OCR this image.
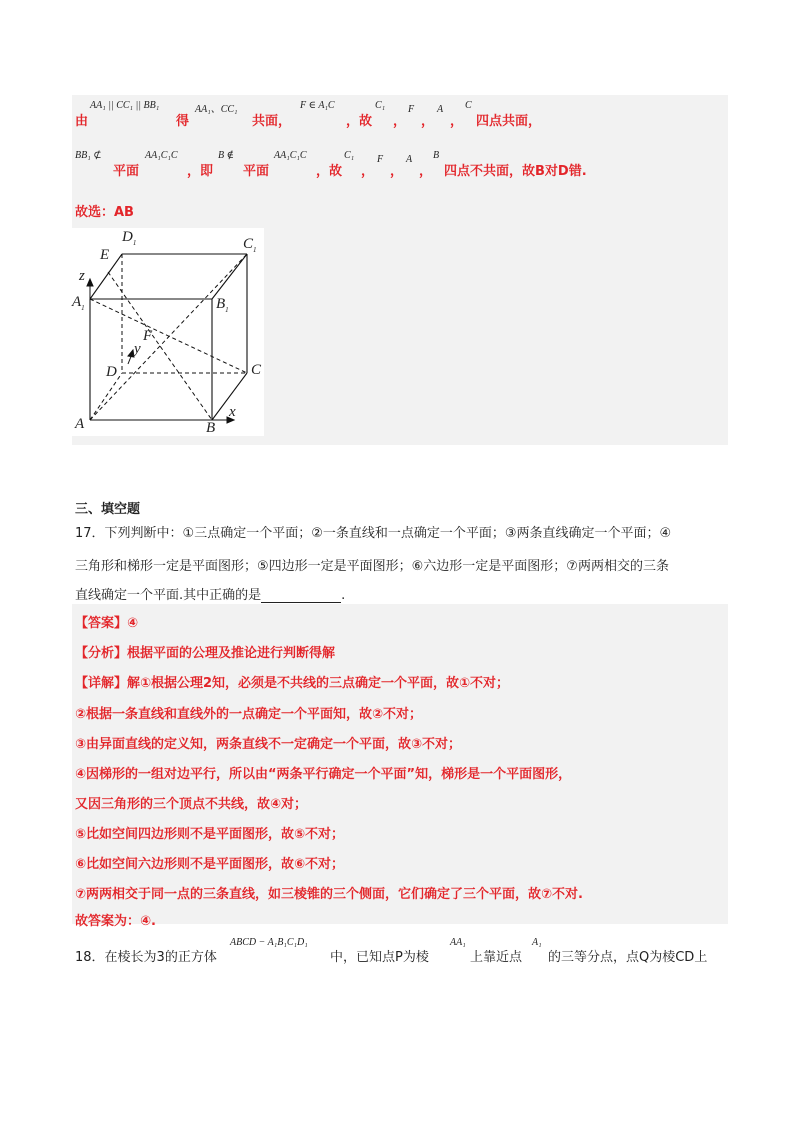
由
AA₁ || CC₁ || BB₁
得
AA₁、CC₁
共面，
F ∈ A₁C
，故
C₁
，
F
，
A
，
C
四点共面，
BB₁ ⊄
平面
AA₁C₁C
，即
B ∉
平面
AA₁C₁C
，故
C₁
，
F
，
A
，
B
四点不共面，故B对D错.
故选：AB
$D_1$	$C_1$
E
z
$A_1$	$B_1$
F
y
D	C
A	B
x
三、填空题
17．下列判断中：①三点确定一个平面；②一条直线和一点确定一个平面；③两条直线确定一个平面；④
三角形和梯形一定是平面图形；⑤四边形一定是平面图形；⑥六边形一定是平面图形；⑦两两相交的三条
直线确定一个平面.其中正确的是	.
【答案】④
【分析】根据平面的公理及推论进行判断得解
【详解】解①根据公理2知，必须是不共线的三点确定一个平面，故①不对；
②根据一条直线和直线外的一点确定一个平面知，故②不对；
③由异面直线的定义知，两条直线不一定确定一个平面，故③不对；
④因梯形的一组对边平行，所以由“两条平行确定一个平面”知，梯形是一个平面图形，
又因三角形的三个顶点不共线，故④对；
⑤比如空间四边形则不是平面图形，故⑤不对；
⑥比如空间六边形则不是平面图形，故⑥不对；
⑦两两相交于同一点的三条直线，如三棱锥的三个侧面，它们确定了三个平面，故⑦不对.
故答案为：④.
18．在棱长为3的正方体
ABCD − A₁B₁C₁D₁
中，已知点P为棱
AA₁
上靠近点
A₁
的三等分点，点Q为棱CD上
